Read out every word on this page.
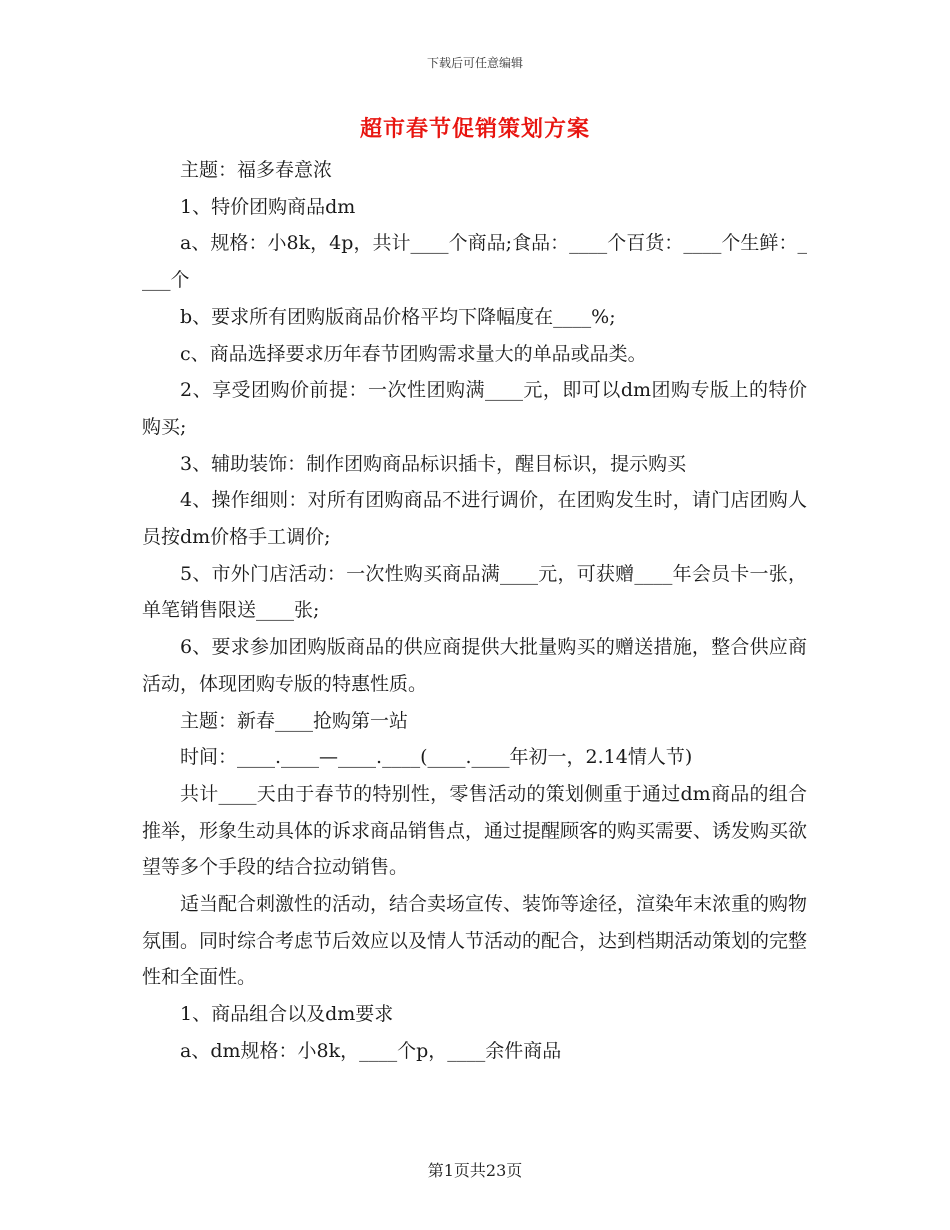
下载后可任意编辑
超市春节促销策划方案

主题：福多春意浓

1、特价团购商品dm

a、规格：小8k，4p，共计____个商品;食品：____个百货：____个生鲜：____个

b、要求所有团购版商品价格平均下降幅度在____%;

c、商品选择要求历年春节团购需求量大的单品或品类。

2、享受团购价前提：一次性团购满____元，即可以dm团购专版上的特价购买;

3、辅助装饰：制作团购商品标识插卡，醒目标识，提示购买

4、操作细则：对所有团购商品不进行调价，在团购发生时，请门店团购人员按dm价格手工调价;

5、市外门店活动：一次性购买商品满____元，可获赠____年会员卡一张，单笔销售限送____张;

6、要求参加团购版商品的供应商提供大批量购买的赠送措施，整合供应商活动，体现团购专版的特惠性质。

主题：新春____抢购第一站

时间：____.____—____.____(____.____年初一，2.14情人节)

共计____天由于春节的特别性，零售活动的策划侧重于通过dm商品的组合推举，形象生动具体的诉求商品销售点，通过提醒顾客的购买需要、诱发购买欲望等多个手段的结合拉动销售。

适当配合刺激性的活动，结合卖场宣传、装饰等途径，渲染年末浓重的购物氛围。同时综合考虑节后效应以及情人节活动的配合，达到档期活动策划的完整性和全面性。

1、商品组合以及dm要求

a、dm规格：小8k，____个p，____余件商品

第1页共23页
